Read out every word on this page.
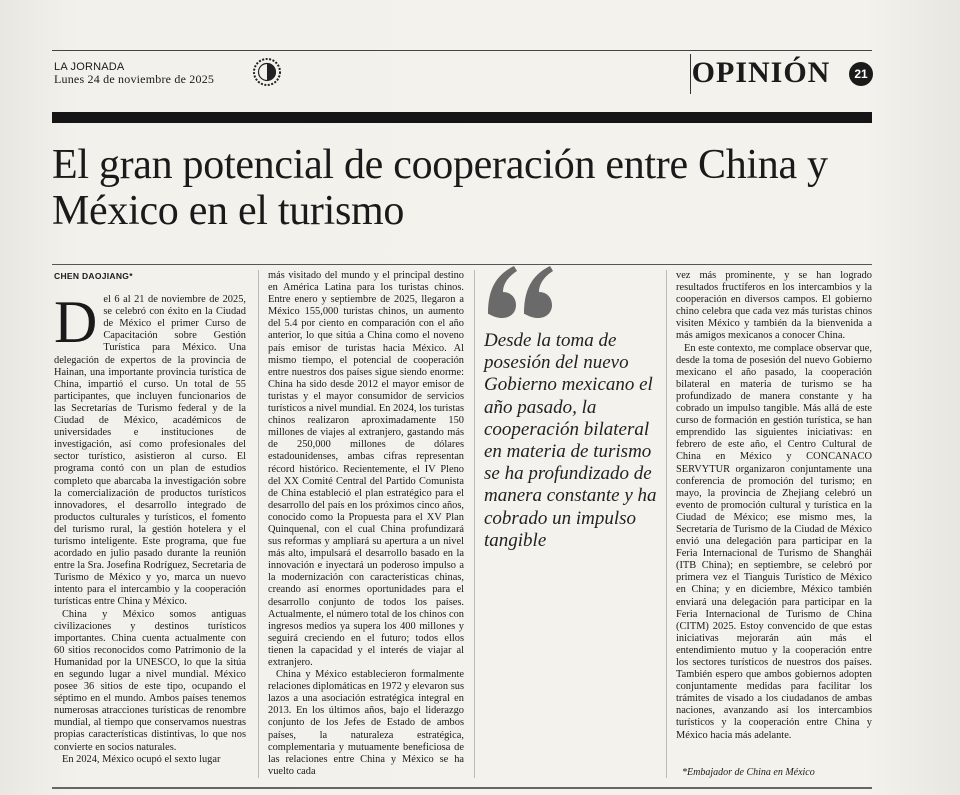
LA JORNADA
Lunes 24 de noviembre de 2025	OPINIÓN	21
El gran potencial de cooperación entre China y México en el turismo
CHEN DAOJIANG*

Del 6 al 21 de noviembre de 2025, se celebró con éxito en la Ciudad de México el primer Curso de Capacitación sobre Gestión Turística para México. Una delegación de expertos de la provincia de Hainan, una importante provincia turística de China, impartió el curso. Un total de 55 participantes, que incluyen funcionarios de las Secretarías de Turismo federal y de la Ciudad de México, académicos de universidades e instituciones de investigación, así como profesionales del sector turístico, asistieron al curso. El programa contó con un plan de estudios completo que abarcaba la investigación sobre la comercialización de productos turísticos innovadores, el desarrollo integrado de productos culturales y turísticos, el fomento del turismo rural, la gestión hotelera y el turismo inteligente. Este programa, que fue acordado en julio pasado durante la reunión entre la Sra. Josefina Rodríguez, Secretaria de Turismo de México y yo, marca un nuevo intento para el intercambio y la cooperación turísticas entre China y México.

China y México somos antiguas civilizaciones y destinos turísticos importantes. China cuenta actualmente con 60 sitios reconocidos como Patrimonio de la Humanidad por la UNESCO, lo que la sitúa en segundo lugar a nivel mundial. México posee 36 sitios de este tipo, ocupando el séptimo en el mundo. Ambos países tenemos numerosas atracciones turísticas de renombre mundial, al tiempo que conservamos nuestras propias características distintivas, lo que nos convierte en socios naturales.

En 2024, México ocupó el sexto lugar

más visitado del mundo y el principal destino en América Latina para los turistas chinos. Entre enero y septiembre de 2025, llegaron a México 155,000 turistas chinos, un aumento del 5.4 por ciento en comparación con el año anterior, lo que sitúa a China como el noveno país emisor de turistas hacia México. Al mismo tiempo, el potencial de cooperación entre nuestros dos países sigue siendo enorme: China ha sido desde 2012 el mayor emisor de turistas y el mayor consumidor de servicios turísticos a nivel mundial. En 2024, los turistas chinos realizaron aproximadamente 150 millones de viajes al extranjero, gastando más de 250,000 millones de dólares estadounidenses, ambas cifras representan récord histórico. Recientemente, el IV Pleno del XX Comité Central del Partido Comunista de China estableció el plan estratégico para el desarrollo del país en los próximos cinco años, conocido como la Propuesta para el XV Plan Quinquenal, con el cual China profundizará sus reformas y ampliará su apertura a un nivel más alto, impulsará el desarrollo basado en la innovación e inyectará un poderoso impulso a la modernización con características chinas, creando así enormes oportunidades para el desarrollo conjunto de todos los países. Actualmente, el número total de los chinos con ingresos medios ya supera los 400 millones y seguirá creciendo en el futuro; todos ellos tienen la capacidad y el interés de viajar al extranjero.

China y México establecieron formalmente relaciones diplomáticas en 1972 y elevaron sus lazos a una asociación estratégica integral en 2013. En los últimos años, bajo el liderazgo conjunto de los Jefes de Estado de ambos países, la naturaleza estratégica, complementaria y mutuamente beneficiosa de las relaciones entre China y México se ha vuelto cada

Desde la toma de posesión del nuevo Gobierno mexicano el año pasado, la cooperación bilateral en materia de turismo se ha profundizado de manera constante y ha cobrado un impulso tangible

vez más prominente, y se han logrado resultados fructíferos en los intercambios y la cooperación en diversos campos. El gobierno chino celebra que cada vez más turistas chinos visiten México y también da la bienvenida a más amigos mexicanos a conocer China.

En este contexto, me complace observar que, desde la toma de posesión del nuevo Gobierno mexicano el año pasado, la cooperación bilateral en materia de turismo se ha profundizado de manera constante y ha cobrado un impulso tangible. Más allá de este curso de formación en gestión turística, se han emprendido las siguientes iniciativas: en febrero de este año, el Centro Cultural de China en México y CONCANACO SERVYTUR organizaron conjuntamente una conferencia de promoción del turismo; en mayo, la provincia de Zhejiang celebró un evento de promoción cultural y turística en la Ciudad de México; ese mismo mes, la Secretaría de Turismo de la Ciudad de México envió una delegación para participar en la Feria Internacional de Turismo de Shanghái (ITB China); en septiembre, se celebró por primera vez el Tianguis Turístico de México en China; y en diciembre, México también enviará una delegación para participar en la Feria Internacional de Turismo de China (CITM) 2025. Estoy convencido de que estas iniciativas mejorarán aún más el entendimiento mutuo y la cooperación entre los sectores turísticos de nuestros dos países. También espero que ambos gobiernos adopten conjuntamente medidas para facilitar los trámites de visado a los ciudadanos de ambas naciones, avanzando así los intercambios turísticos y la cooperación entre China y México hacia más adelante.

*Embajador de China en México
